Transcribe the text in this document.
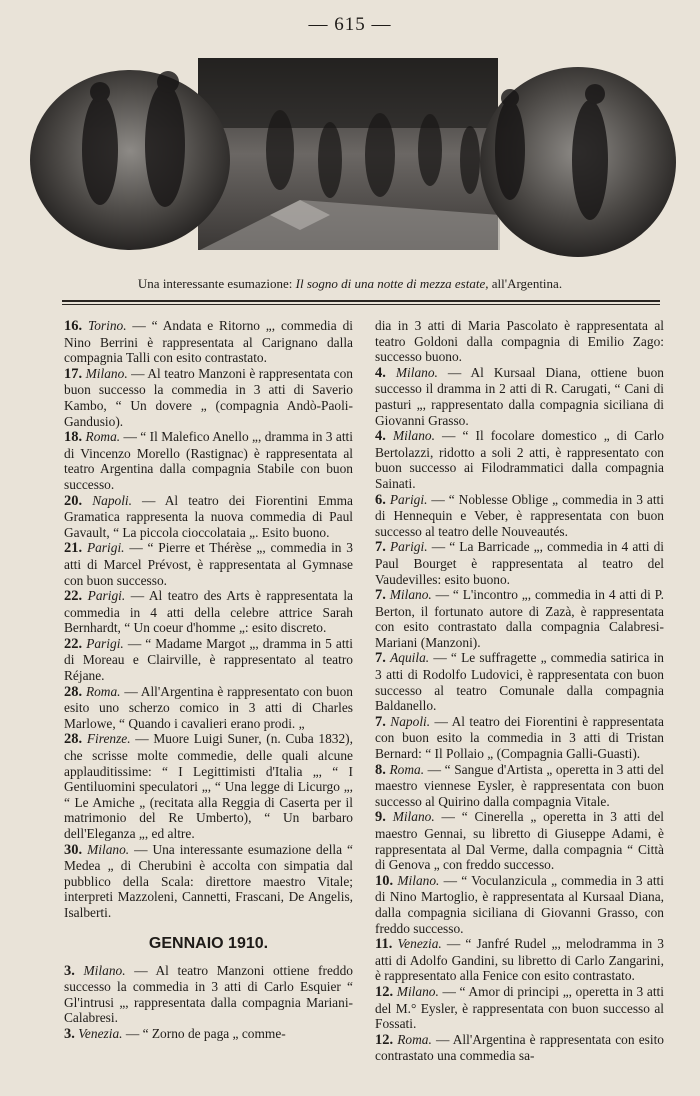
— 615 —
Una interessante esumazione: Il sogno di una notte di mezza estate, all'Argentina.

16. Torino. — “ Andata e Ritorno „, commedia di Nino Berrini è rappresentata al Carignano dalla compagnia Talli con esito contrastato.

17. Milano. — Al teatro Manzoni è rappresentata con buon successo la commedia in 3 atti di Saverio Kambo, “ Un dovere „ (compagnia Andò-Paoli-Gandusio).

18. Roma. — “ Il Malefico Anello „, dramma in 3 atti di Vincenzo Morello (Rastignac) è rappresentata al teatro Argentina dalla compagnia Stabile con buon successo.

20. Napoli. — Al teatro dei Fiorentini Emma Gramatica rappresenta la nuova commedia di Paul Gavault, “ La piccola cioccolataia „. Esito buono.

21. Parigi. — “ Pierre et Thérèse „, commedia in 3 atti di Marcel Prévost, è rappresentata al Gymnase con buon successo.

22. Parigi. — Al teatro des Arts è rappresentata la commedia in 4 atti della celebre attrice Sarah Bernhardt, “ Un coeur d'homme „: esito discreto.

22. Parigi. — “ Madame Margot „, dramma in 5 atti di Moreau e Clairville, è rappresentato al teatro Réjane.

28. Roma. — All'Argentina è rappresentato con buon esito uno scherzo comico in 3 atti di Charles Marlowe, “ Quando i cavalieri erano prodi. „

28. Firenze. — Muore Luigi Suner, (n. Cuba 1832), che scrisse molte commedie, delle quali alcune applauditissime: “ I Legittimisti d'Italia „, “ I Gentiluomini speculatori „, “ Una legge di Licurgo „, “ Le Amiche „ (recitata alla Reggia di Caserta per il matrimonio del Re Umberto), “ Un barbaro dell'Eleganza „, ed altre.

30. Milano. — Una interessante esumazione della “ Medea „ di Cherubini è accolta con simpatia dal pubblico della Scala: direttore maestro Vitale; interpreti Mazzoleni, Cannetti, Frascani, De Angelis, Isalberti.

GENNAIO 1910.

3. Milano. — Al teatro Manzoni ottiene freddo successo la commedia in 3 atti di Carlo Esquier “ Gl'intrusi „, rappresentata dalla compagnia Mariani-Calabresi.

3. Venezia. — “ Zorno de paga „ comme-

dia in 3 atti di Maria Pascolato è rappresentata al teatro Goldoni dalla compagnia di Emilio Zago: successo buono.

4. Milano. — Al Kursaal Diana, ottiene buon successo il dramma in 2 atti di R. Carugati, “ Cani di pasturi „, rappresentato dalla compagnia siciliana di Giovanni Grasso.

4. Milano. — “ Il focolare domestico „ di Carlo Bertolazzi, ridotto a soli 2 atti, è rappresentato con buon successo ai Filodrammatici dalla compagnia Sainati.

6. Parigi. — “ Noblesse Oblige „ commedia in 3 atti di Hennequin e Veber, è rappresentata con buon successo al teatro delle Nouveautés.

7. Parigi. — “ La Barricade „, commedia in 4 atti di Paul Bourget è rappresentata al teatro del Vaudevilles: esito buono.

7. Milano. — “ L'incontro „, commedia in 4 atti di P. Berton, il fortunato autore di Zazà, è rappresentata con esito contrastato dalla compagnia Calabresi-Mariani (Manzoni).

7. Aquila. — “ Le suffragette „ commedia satirica in 3 atti di Rodolfo Ludovici, è rappresentata con buon successo al teatro Comunale dalla compagnia Baldanello.

7. Napoli. — Al teatro dei Fiorentini è rappresentata con buon esito la commedia in 3 atti di Tristan Bernard: “ Il Pollaio „ (Compagnia Galli-Guasti).

8. Roma. — “ Sangue d'Artista „ operetta in 3 atti del maestro viennese Eysler, è rappresentata con buon successo al Quirino dalla compagnia Vitale.

9. Milano. — “ Cinerella „ operetta in 3 atti del maestro Gennai, su libretto di Giuseppe Adami, è rappresentata al Dal Verme, dalla compagnia “ Città di Genova „ con freddo successo.

10. Milano. — “ Voculanzicula „ commedia in 3 atti di Nino Martoglio, è rappresentata al Kursaal Diana, dalla compagnia siciliana di Giovanni Grasso, con freddo successo.

11. Venezia. — “ Janfré Rudel „, melodramma in 3 atti di Adolfo Gandini, su libretto di Carlo Zangarini, è rappresentato alla Fenice con esito contrastato.

12. Milano. — “ Amor di principi „, operetta in 3 atti del M.° Eysler, è rappresentata con buon successo al Fossati.

12. Roma. — All'Argentina è rappresentata con esito contrastato una commedia sa-
